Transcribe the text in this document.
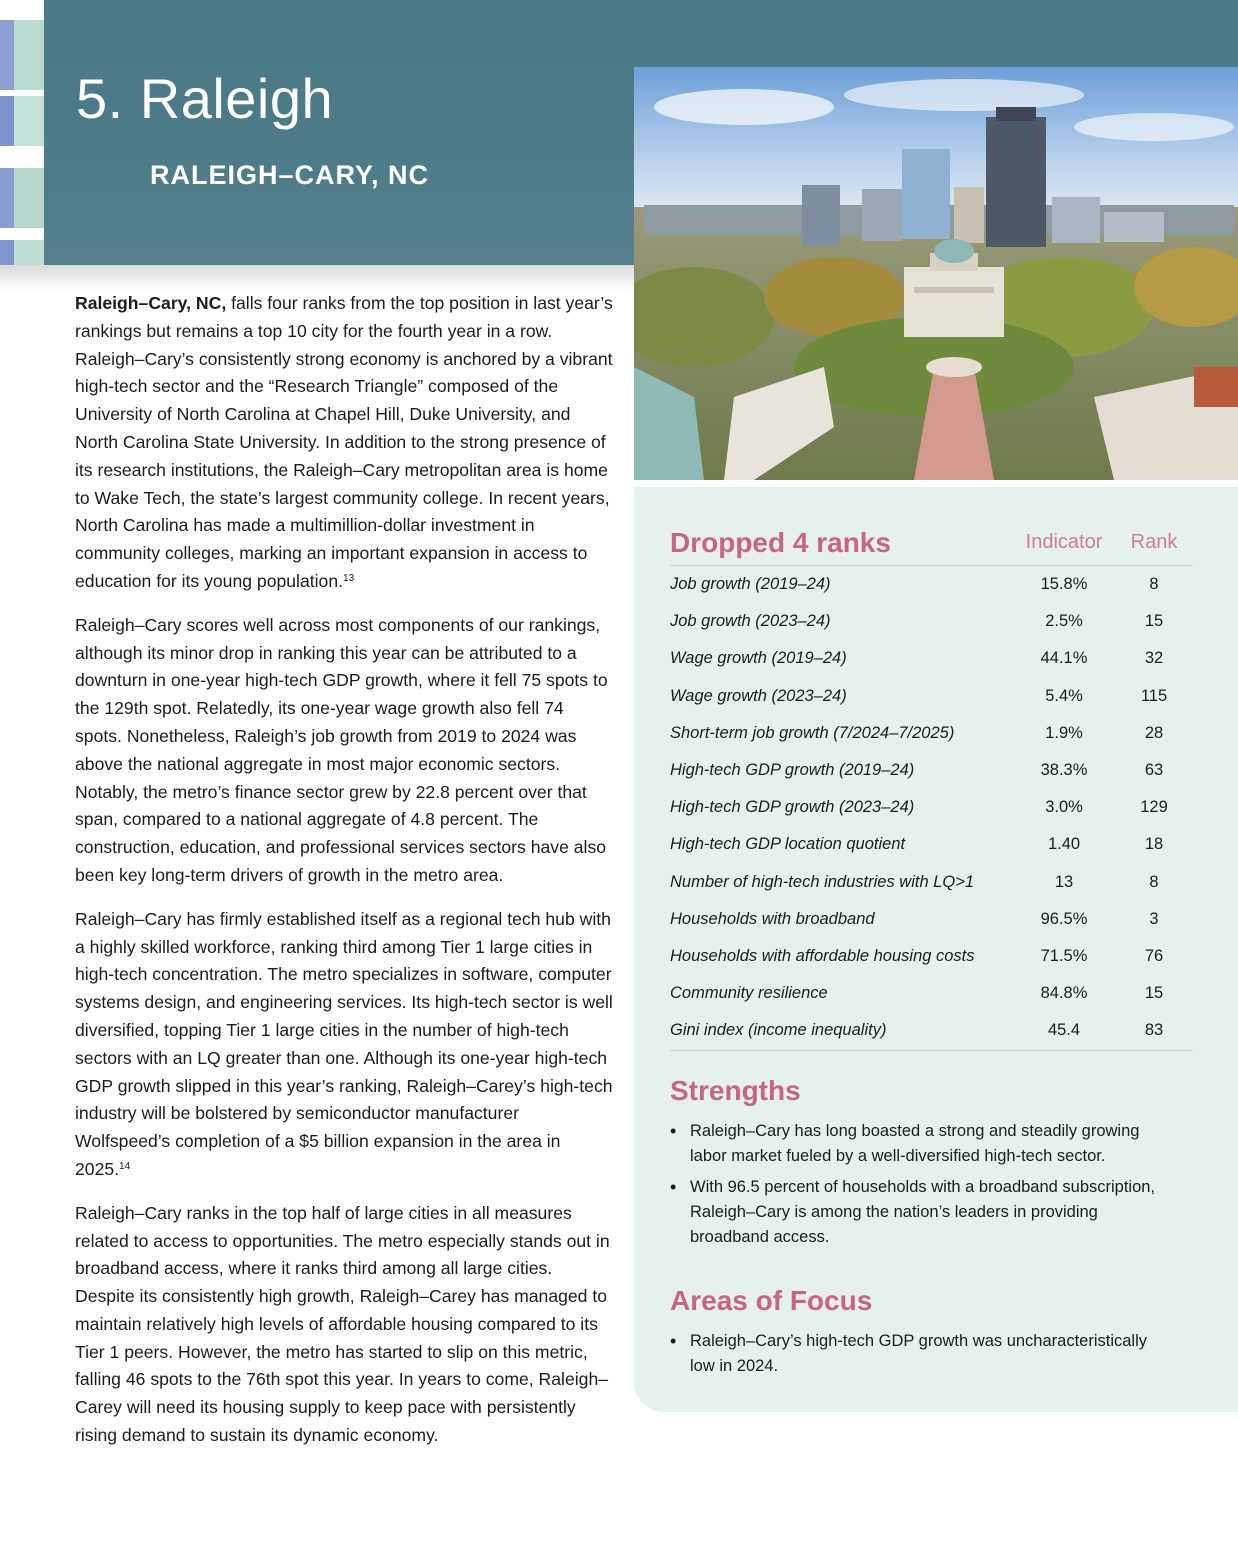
5. Raleigh
RALEIGH–CARY, NC

Raleigh–Cary, NC, falls four ranks from the top position in last year’s rankings but remains a top 10 city for the fourth year in a row. Raleigh–Cary’s consistently strong economy is anchored by a vibrant high-tech sector and the “Research Triangle” composed of the University of North Carolina at Chapel Hill, Duke University, and North Carolina State University. In addition to the strong presence of its research institutions, the Raleigh–Cary metropolitan area is home to Wake Tech, the state’s largest community college. In recent years, North Carolina has made a multimillion-dollar investment in community colleges, marking an important expansion in access to education for its young population.$^{13}$

Raleigh–Cary scores well across most components of our rankings, although its minor drop in ranking this year can be attributed to a downturn in one-year high-tech GDP growth, where it fell 75 spots to the 129th spot. Relatedly, its one-year wage growth also fell 74 spots. Nonetheless, Raleigh’s job growth from 2019 to 2024 was above the national aggregate in most major economic sectors. Notably, the metro’s finance sector grew by 22.8 percent over that span, compared to a national aggregate of 4.8 percent. The construction, education, and professional services sectors have also been key long-term drivers of growth in the metro area.

Raleigh–Cary has firmly established itself as a regional tech hub with a highly skilled workforce, ranking third among Tier 1 large cities in high-tech concentration. The metro specializes in software, computer systems design, and engineering services. Its high-tech sector is well diversified, topping Tier 1 large cities in the number of high-tech sectors with an LQ greater than one. Although its one-year high-tech GDP growth slipped in this year’s ranking, Raleigh–Carey’s high-tech industry will be bolstered by semiconductor manufacturer Wolfspeed’s completion of a $5 billion expansion in the area in 2025.14

Raleigh–Cary ranks in the top half of large cities in all measures related to access to opportunities. The metro especially stands out in broadband access, where it ranks third among all large cities. Despite its consistently high growth, Raleigh–Carey has managed to maintain relatively high levels of affordable housing compared to its Tier 1 peers. However, the metro has started to slip on this metric, falling 46 spots to the 76th spot this year. In years to come, Raleigh–Carey will need its housing supply to keep pace with persistently rising demand to sustain its dynamic economy.

Dropped 4 ranks	Indicator	Rank
Job growth (2019–24)	15.8%	8
Job growth (2023–24)	2.5%	15
Wage growth (2019–24)	44.1%	32
Wage growth (2023–24)	5.4%	115
Short-term job growth (7/2024–7/2025)	1.9%	28
High-tech GDP growth (2019–24)	38.3%	63
High-tech GDP growth (2023–24)	3.0%	129
High-tech GDP location quotient	1.40	18
Number of high-tech industries with LQ>1	13	8
Households with broadband	96.5%	3
Households with affordable housing costs	71.5%	76
Community resilience	84.8%	15
Gini index (income inequality)	45.4	83
Strengths
• Raleigh–Cary has long boasted a strong and steadily growing labor market fueled by a well-diversified high-tech sector.
• With 96.5 percent of households with a broadband subscription, Raleigh–Cary is among the nation’s leaders in providing broadband access.
Areas of Focus
• Raleigh–Cary’s high-tech GDP growth was uncharacteristically low in 2024.
